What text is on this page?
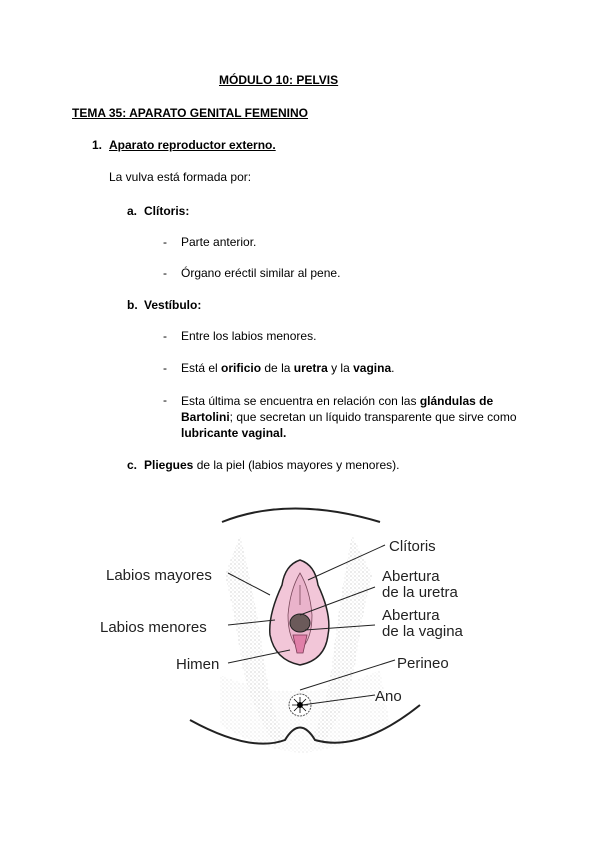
MÓDULO 10: PELVIS
TEMA 35: APARATO GENITAL FEMENINO
1. Aparato reproductor externo.
La vulva está formada por:
a. Clítoris:
- Parte anterior.
- Órgano eréctil similar al pene.
b. Vestíbulo:
- Entre los labios menores.
- Está el orificio de la uretra y la vagina.
- Esta última se encuentra en relación con las glándulas de Bartolini; que secretan un líquido transparente que sirve como lubricante vaginal.
c. Pliegues de la piel (labios mayores y menores).
Labios mayores
Labios menores
Himen
Clítoris
Abertura
de la uretra
Abertura
de la vagina
Perineo
Ano
